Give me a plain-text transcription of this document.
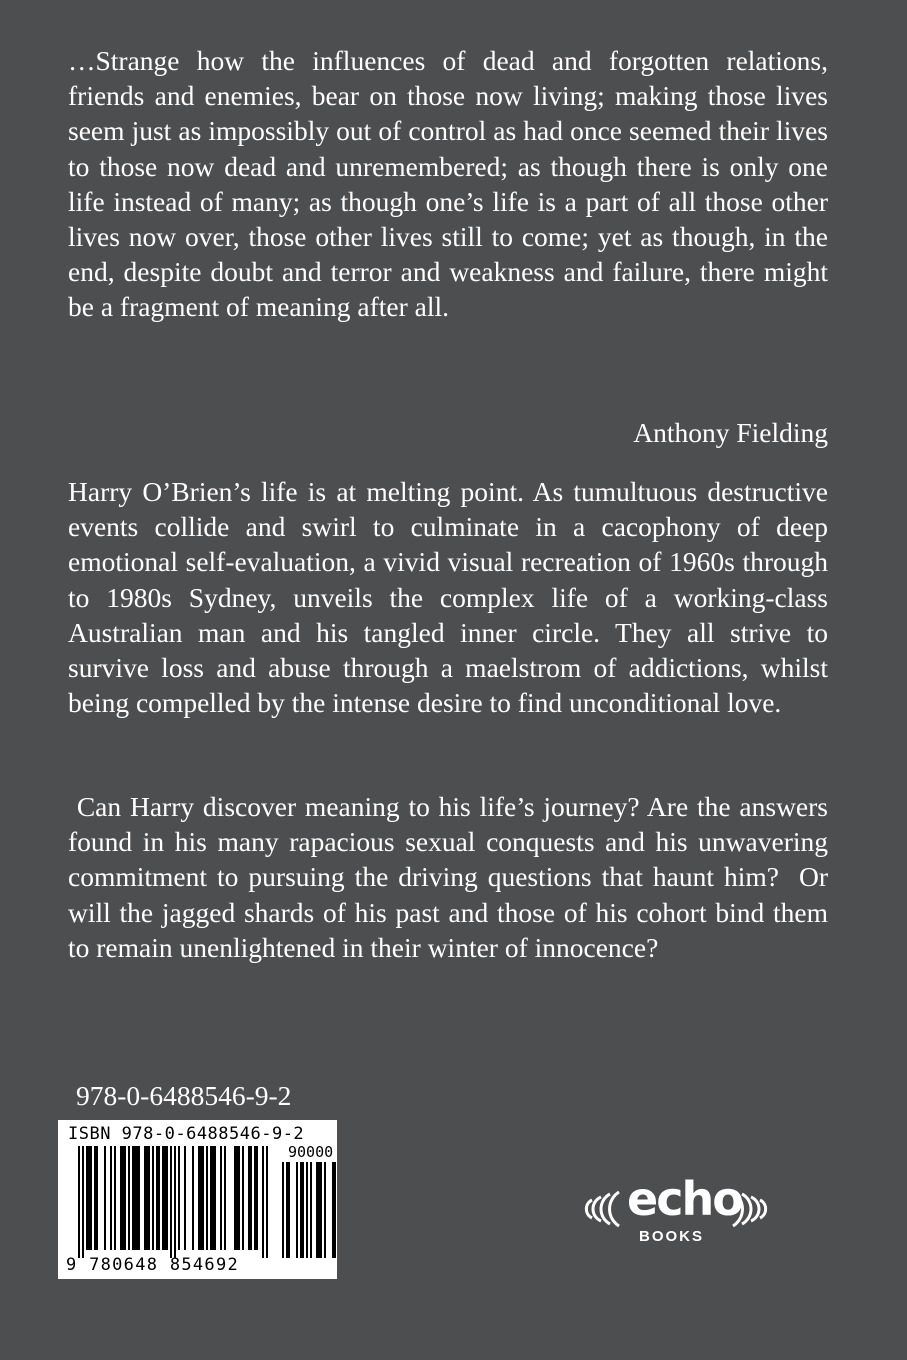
…Strange how the influences of dead and forgotten relations, friends and enemies, bear on those now living; making those lives seem just as impossibly out of control as had once seemed their lives to those now dead and unremembered; as though there is only one life instead of many; as though one’s life is a part of all those other lives now over, those other lives still to come; yet as though, in the end, despite doubt and terror and weakness and failure, there might be a fragment of meaning after all.

Anthony Fielding

Harry O’Brien’s life is at melting point. As tumultuous destructive events collide and swirl to culminate in a cacophony of deep emotional self-evaluation, a vivid visual recreation of 1960s through to 1980s Sydney, unveils the complex life of a working-class Australian man and his tangled inner circle. They all strive to survive loss and abuse through a maelstrom of addictions, whilst being compelled by the intense desire to find unconditional love.

Can Harry discover meaning to his life’s journey? Are the answers found in his many rapacious sexual conquests and his unwavering commitment to pursuing the driving questions that haunt him?  Or will the jagged shards of his past and those of his cohort bind them to remain unenlightened in their winter of innocence?

978-0-6488546-9-2
ISBN 978-0-6488546-9-2
90000
9 780648 854692
echo
BOOKS
